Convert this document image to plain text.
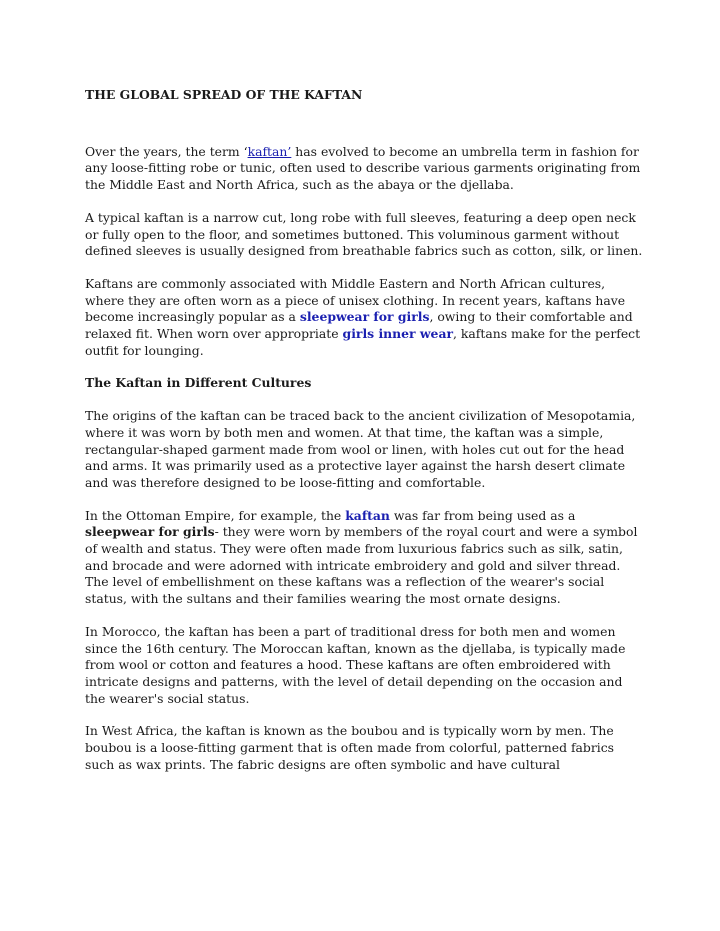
THE GLOBAL SPREAD OF THE KAFTAN

Over the years, the term ‘kaftan’ has evolved to become an umbrella term in fashion for any loose-fitting robe or tunic, often used to describe various garments originating from the Middle East and North Africa, such as the abaya or the djellaba.

A typical kaftan is a narrow cut, long robe with full sleeves, featuring a deep open neck or fully open to the floor, and sometimes buttoned. This voluminous garment without defined sleeves is usually designed from breathable fabrics such as cotton, silk, or linen.

Kaftans are commonly associated with Middle Eastern and North African cultures, where they are often worn as a piece of unisex clothing. In recent years, kaftans have become increasingly popular as a sleepwear for girls, owing to their comfortable and relaxed fit. When worn over appropriate girls inner wear, kaftans make for the perfect outfit for lounging.

The Kaftan in Different Cultures

The origins of the kaftan can be traced back to the ancient civilization of Mesopotamia, where it was worn by both men and women. At that time, the kaftan was a simple, rectangular-shaped garment made from wool or linen, with holes cut out for the head and arms. It was primarily used as a protective layer against the harsh desert climate and was therefore designed to be loose-fitting and comfortable.

In the Ottoman Empire, for example, the kaftan was far from being used as a sleepwear for girls- they were worn by members of the royal court and were a symbol of wealth and status. They were often made from luxurious fabrics such as silk, satin, and brocade and were adorned with intricate embroidery and gold and silver thread. The level of embellishment on these kaftans was a reflection of the wearer's social status, with the sultans and their families wearing the most ornate designs.

In Morocco, the kaftan has been a part of traditional dress for both men and women since the 16th century. The Moroccan kaftan, known as the djellaba, is typically made from wool or cotton and features a hood. These kaftans are often embroidered with intricate designs and patterns, with the level of detail depending on the occasion and the wearer's social status.

In West Africa, the kaftan is known as the boubou and is typically worn by men. The boubou is a loose-fitting garment that is often made from colorful, patterned fabrics such as wax prints. The fabric designs are often symbolic and have cultural
